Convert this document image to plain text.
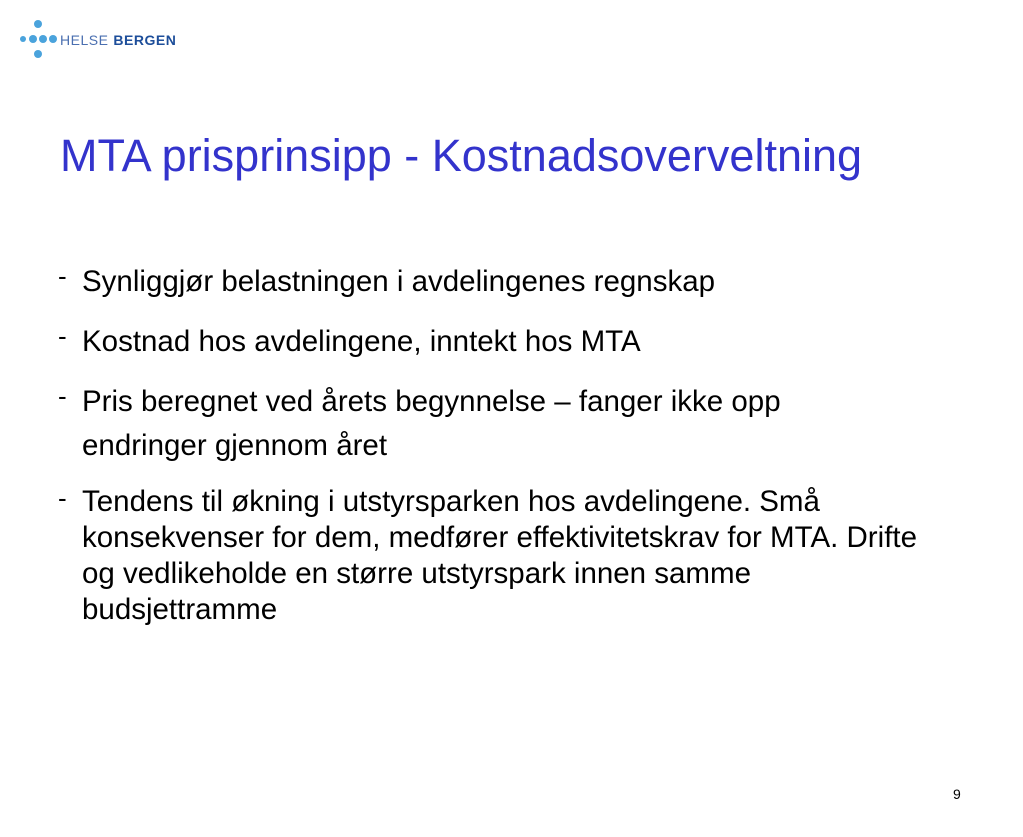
HELSE BERGEN
MTA prisprinsipp - Kostnadsoverveltning
- Synliggjør belastningen i avdelingenes regnskap
- Kostnad hos avdelingene, inntekt hos MTA
- Pris beregnet ved årets begynnelse – fanger ikke opp endringer gjennom året
- Tendens til økning i utstyrsparken hos avdelingene. Små konsekvenser for dem, medfører effektivitetskrav for MTA. Drifte og vedlikeholde en større utstyrspark innen samme budsjettramme
9
